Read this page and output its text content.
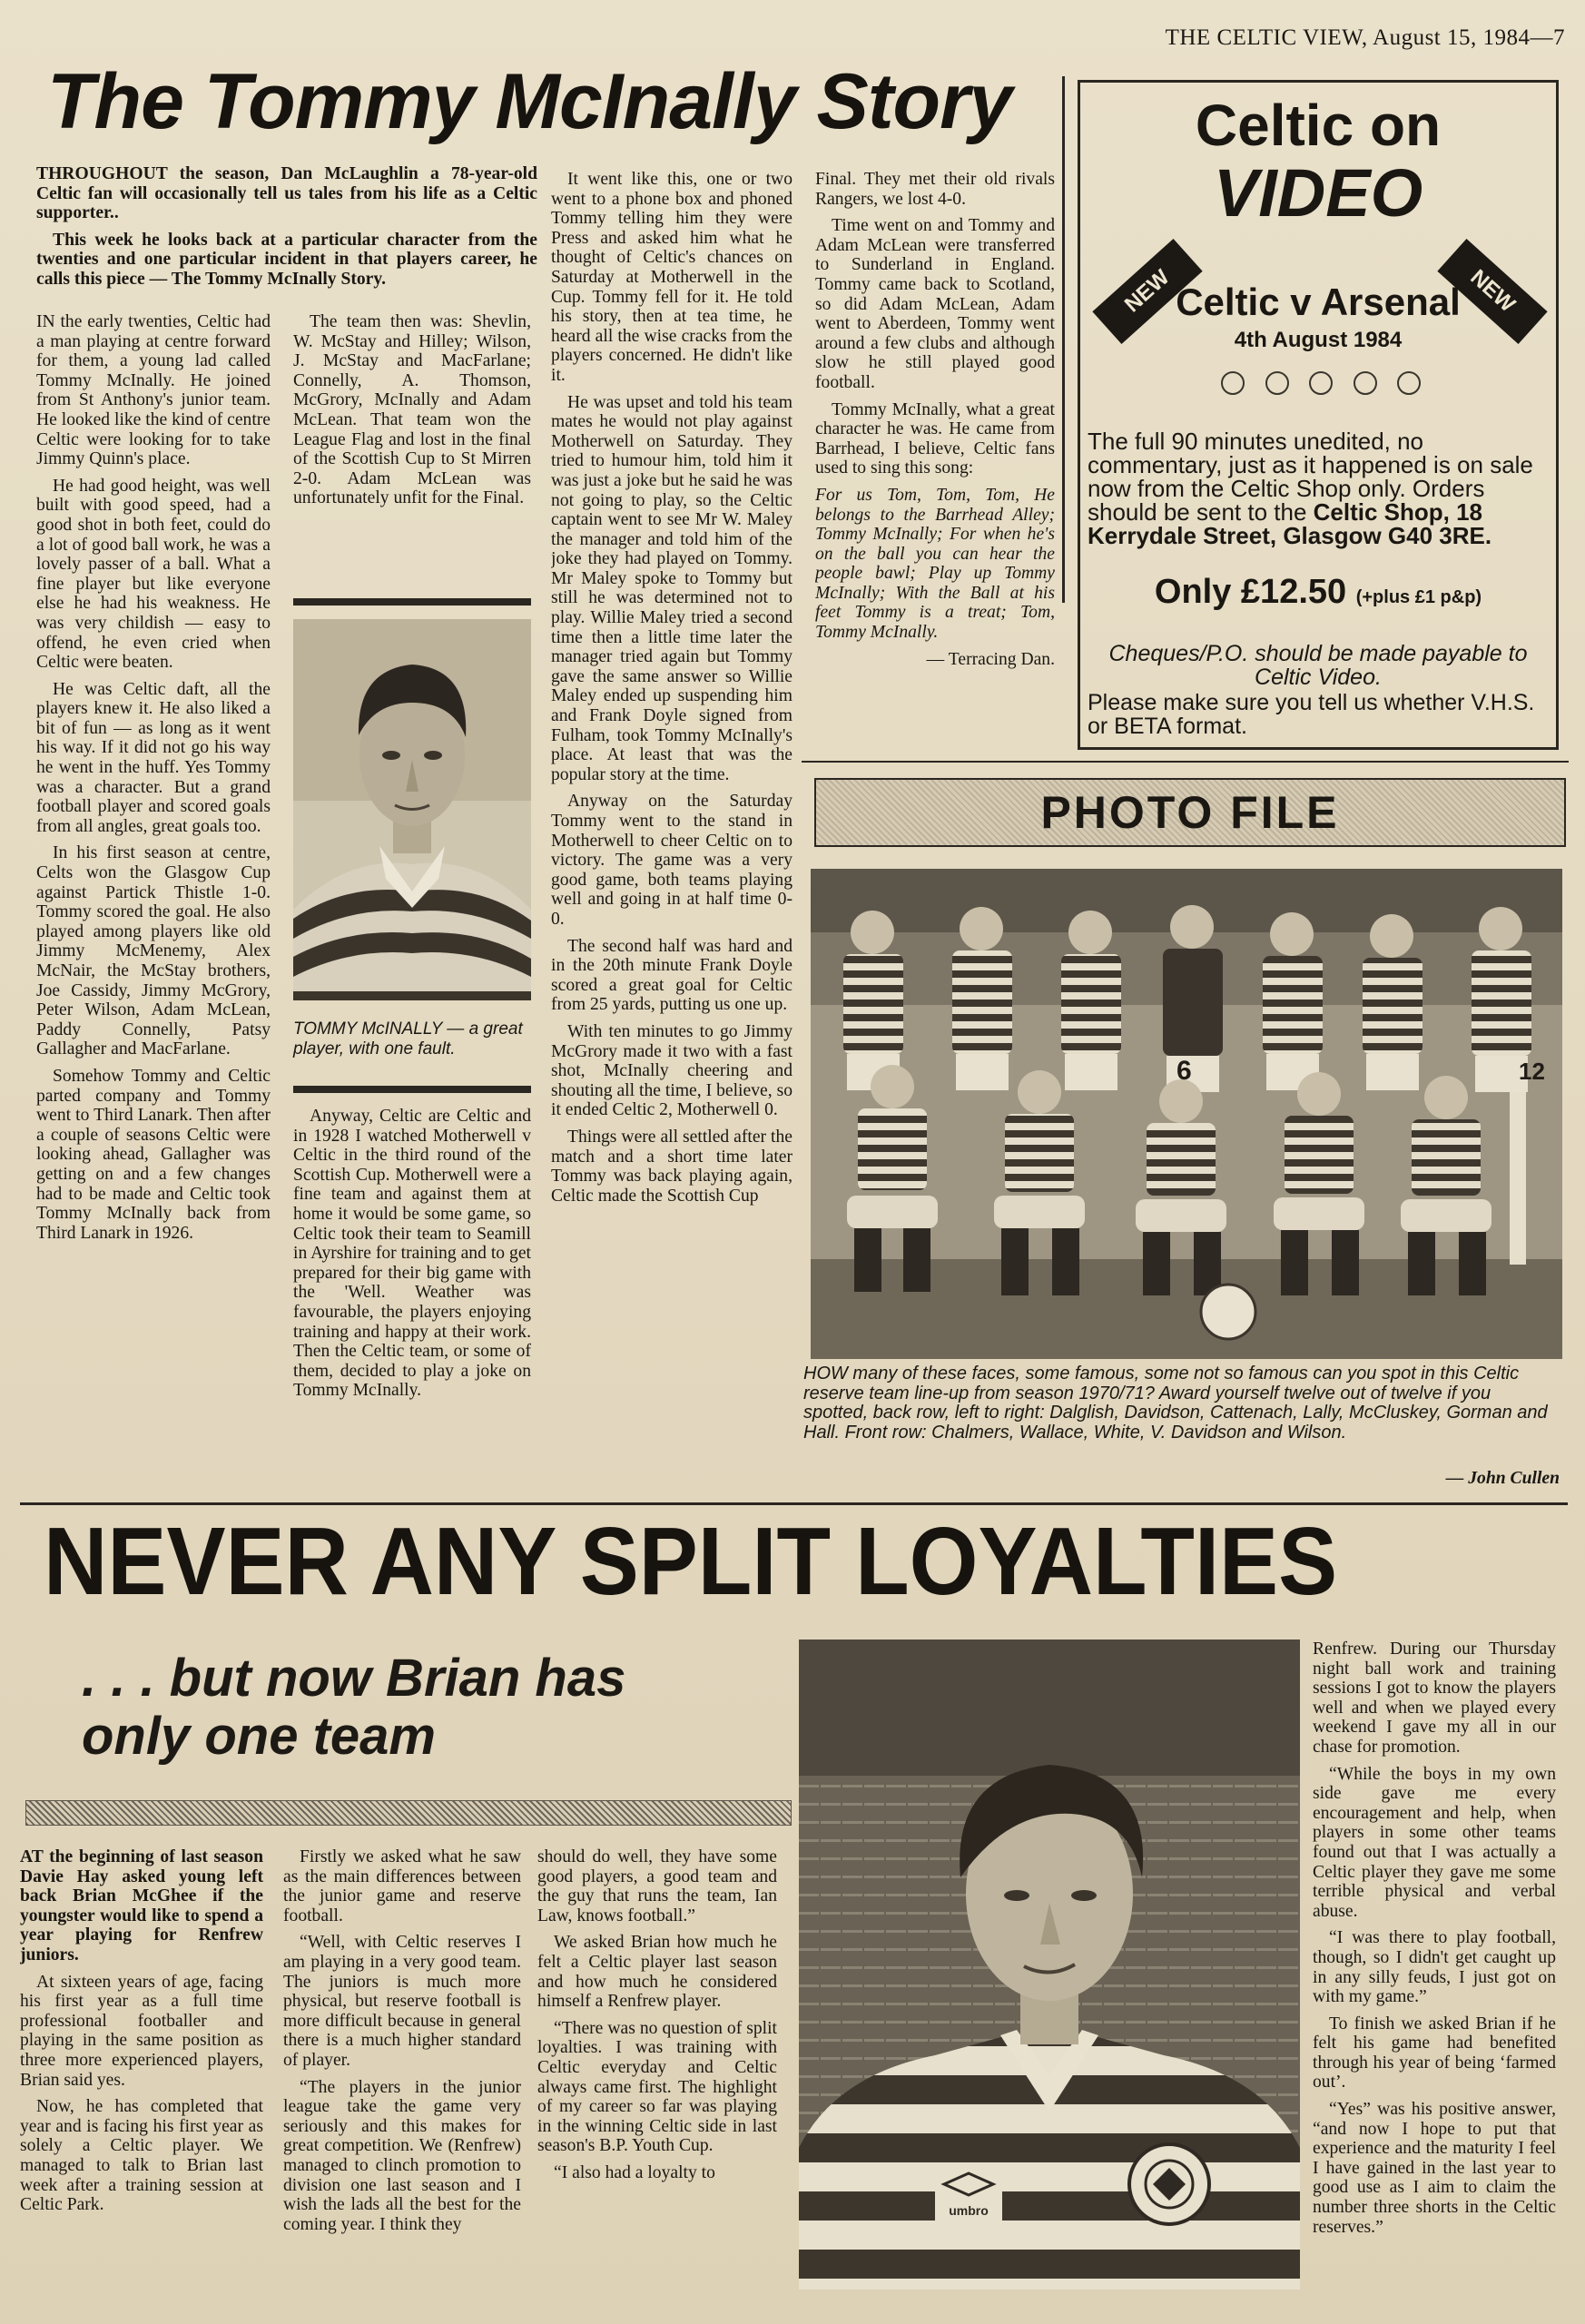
THE CELTIC VIEW, August 15, 1984—7
The Tommy McInally Story

THROUGHOUT the season, Dan McLaughlin a 78-year-old Celtic fan will occasionally tell us tales from his life as a Celtic supporter..

This week he looks back at a particular character from the twenties and one particular incident in that players career, he calls this piece — The Tommy McInally Story.

IN the early twenties, Celtic had a man playing at centre forward for them, a young lad called Tommy McInally. He joined from St Anthony's junior team. He looked like the kind of centre Celtic were looking for to take Jimmy Quinn's place.

He had good height, was well built with good speed, had a good shot in both feet, could do a lot of good ball work, he was a lovely passer of a ball. What a fine player but like everyone else he had his weakness. He was very childish — easy to offend, he even cried when Celtic were beaten.

He was Celtic daft, all the players knew it. He also liked a bit of fun — as long as it went his way. If it did not go his way he went in the huff. Yes Tommy was a character. But a grand football player and scored goals from all angles, great goals too.

In his first season at centre, Celts won the Glasgow Cup against Partick Thistle 1-0. Tommy scored the goal. He also played among players like old Jimmy McMenemy, Alex McNair, the McStay brothers, Joe Cassidy, Jimmy McGrory, Peter Wilson, Adam McLean, Paddy Connelly, Patsy Gallagher and MacFarlane.

Somehow Tommy and Celtic parted company and Tommy went to Third Lanark. Then after a couple of seasons Celtic were looking ahead, Gallagher was getting on and a few changes had to be made and Celtic took Tommy McInally back from Third Lanark in 1926.

The team then was: Shevlin, W. McStay and Hilley; Wilson, J. McStay and MacFarlane; Connelly, A. Thomson, McGrory, McInally and Adam McLean. That team won the League Flag and lost in the final of the Scottish Cup to St Mirren 2-0. Adam McLean was unfortunately unfit for the Final.

TOMMY McINALLY — a great player, with one fault.

Anyway, Celtic are Celtic and in 1928 I watched Motherwell v Celtic in the third round of the Scottish Cup. Motherwell were a fine team and against them at home it would be some game, so Celtic took their team to Seamill in Ayrshire for training and to get prepared for their big game with the 'Well. Weather was favourable, the players enjoying training and happy at their work. Then the Celtic team, or some of them, decided to play a joke on Tommy McInally.

It went like this, one or two went to a phone box and phoned Tommy telling him they were Press and asked him what he thought of Celtic's chances on Saturday at Motherwell in the Cup. Tommy fell for it. He told his story, then at tea time, he heard all the wise cracks from the players concerned. He didn't like it.

He was upset and told his team mates he would not play against Motherwell on Saturday. They tried to humour him, told him it was just a joke but he said he was not going to play, so the Celtic captain went to see Mr W. Maley the manager and told him of the joke they had played on Tommy. Mr Maley spoke to Tommy but still he was determined not to play. Willie Maley tried a second time then a little time later the manager tried again but Tommy gave the same answer so Willie Maley ended up suspending him and Frank Doyle signed from Fulham, took Tommy McInally's place. At least that was the popular story at the time.

Anyway on the Saturday Tommy went to the stand in Motherwell to cheer Celtic on to victory. The game was a very good game, both teams playing well and going in at half time 0-0.

The second half was hard and in the 20th minute Frank Doyle scored a great goal for Celtic from 25 yards, putting us one up.

With ten minutes to go Jimmy McGrory made it two with a fast shot, McInally cheering and shouting all the time, I believe, so it ended Celtic 2, Motherwell 0.

Things were all settled after the match and a short time later Tommy was back playing again, Celtic made the Scottish Cup

Final. They met their old rivals Rangers, we lost 4-0.

Time went on and Tommy and Adam McLean were transferred to Sunderland in England. Tommy came back to Scotland, so did Adam McLean, Adam went to Aberdeen, Tommy went around a few clubs and although slow he still played good football.

Tommy McInally, what a great character he was. He came from Barrhead, I believe, Celtic fans used to sing this song:

For us Tom, Tom, Tom, He belongs to the Barrhead Alley; Tommy McInally; For when he's on the ball you can hear the people bawl; Play up Tommy McInally; With the Ball at his feet Tommy is a treat; Tom, Tommy McInally.

— Terracing Dan.

Celtic on
VIDEO
NEW	NEW
Celtic v Arsenal
4th August 1984
The full 90 minutes unedited, no commentary, just as it happened is on sale now from the Celtic Shop only. Orders should be sent to the Celtic Shop, 18 Kerrydale Street, Glasgow G40 3RE.
Only £12.50 (+plus £1 p&p)
Cheques/P.O. should be made payable to Celtic Video.
Please make sure you tell us whether V.H.S. or BETA format.
PHOTO FILE
6	12
HOW many of these faces, some famous, some not so famous can you spot in this Celtic reserve team line-up from season 1970/71? Award yourself twelve out of twelve if you spotted, back row, left to right: Dalglish, Davidson, Cattenach, Lally, McCluskey, Gorman and Hall. Front row: Chalmers, Wallace, White, V. Davidson and Wilson.
— John Cullen
NEVER ANY SPLIT LOYALTIES
. . . but now Brian has
only one team

AT the beginning of last season Davie Hay asked young left back Brian McGhee if the youngster would like to spend a year playing for Renfrew juniors.

At sixteen years of age, facing his first year as a full time professional footballer and playing in the same position as three more experienced players, Brian said yes.

Now, he has completed that year and is facing his first year as solely a Celtic player. We managed to talk to Brian last week after a training session at Celtic Park.

Firstly we asked what he saw as the main differences between the junior game and reserve football.

“Well, with Celtic reserves I am playing in a very good team. The juniors is much more physical, but reserve football is more difficult because in general there is a much higher standard of player.

“The players in the junior league take the game very seriously and this makes for great competition. We (Renfrew) managed to clinch promotion to division one last season and I wish the lads all the best for the coming year. I think they

should do well, they have some good players, a good team and the guy that runs the team, Ian Law, knows football.”

We asked Brian how much he felt a Celtic player last season and how much he considered himself a Renfrew player.

“There was no question of split loyalties. I was training with Celtic everyday and Celtic always came first. The highlight of my career so far was playing in the winning Celtic side in last season's B.P. Youth Cup.

“I also had a loyalty to

umbro

Renfrew. During our Thursday night ball work and training sessions I got to know the players well and when we played every weekend I gave my all in our chase for promotion.

“While the boys in my own side gave me every encouragement and help, when players in some other teams found out that I was actually a Celtic player they gave me some terrible physical and verbal abuse.

“I was there to play football, though, so I didn't get caught up in any silly feuds, I just got on with my game.”

To finish we asked Brian if he felt his game had benefited through his year of being ‘farmed out’.

“Yes” was his positive answer, “and now I hope to put that experience and the maturity I feel I have gained in the last year to good use as I aim to claim the number three shorts in the Celtic reserves.”
